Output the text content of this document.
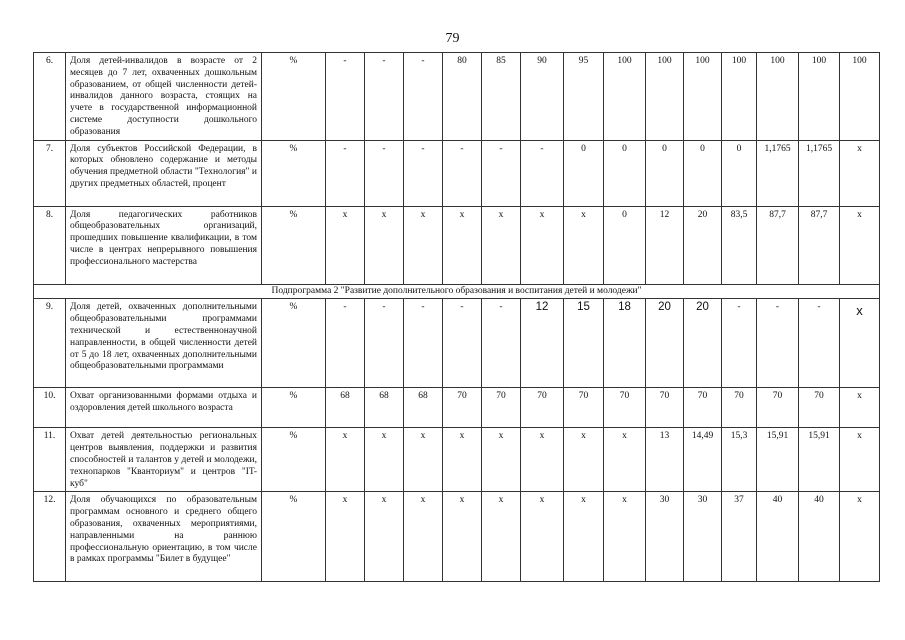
79
6.	Доля детей-инвалидов в возрасте от 2 месяцев до 7 лет, охваченных дошкольным образованием, от общей численности детей-инвалидов данного возраста, стоящих на учете в государственной информационной системе доступности дошкольного образования	%	-	-	-	80	85	90	95	100	100	100	100	100	100	100
7.	Доля субъектов Российской Федерации, в которых обновлено содержание и методы обучения предметной области "Технология" и других предметных областей, процент	%	-	-	-	-	-	-	0	0	0	0	0	1,1765	1,1765	х
8.	Доля педагогических работников общеобразовательных организаций, прошедших повышение квалификации, в том числе в центрах непрерывного повышения профессионального мастерства	%	х	х	х	х	х	х	х	0	12	20	83,5	87,7	87,7	х
Подпрограмма 2 "Развитие дополнительного образования и воспитания детей и молодежи"																
9.	Доля детей, охваченных дополнительными общеобразовательными программами технической и естественнонаучной направленности, в общей численности детей от 5 до 18 лет, охваченных дополнительными общеобразовательными программами	%	-	-	-	-	-	12	15	18	20	20	-	-	-	х
10.	Охват организованными формами отдыха и оздоровления детей школьного возраста	%	68	68	68	70	70	70	70	70	70	70	70	70	70	х
11.	Охват детей деятельностью региональных центров выявления, поддержки и развития способностей и талантов у детей и молодежи, технопарков "Кванториум" и центров "IT-куб"	%	х	х	х	х	х	х	х	х	13	14,49	15,3	15,91	15,91	х
12.	Доля обучающихся по образовательным программам основного и среднего общего образования, охваченных мероприятиями, направленными на раннюю профессиональную ориентацию, в том числе в рамках программы "Билет в будущее"	%	х	х	х	х	х	х	х	х	30	30	37	40	40	х
